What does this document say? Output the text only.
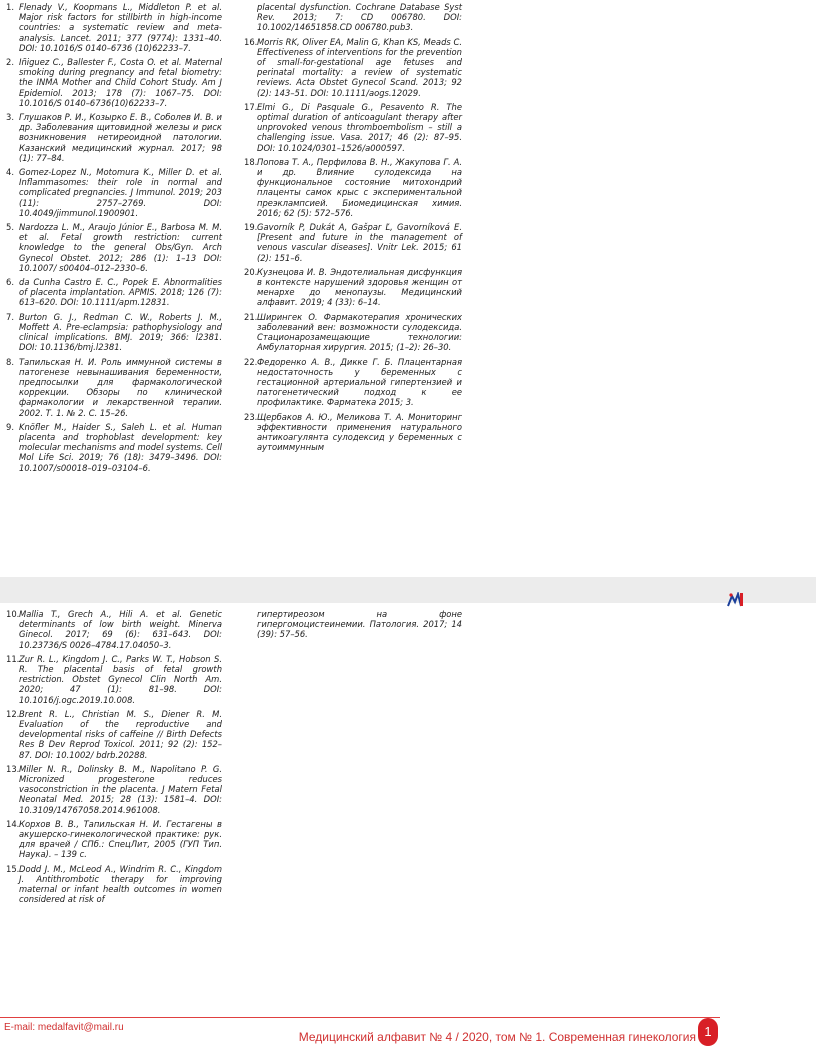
1. Flenady V., Koopmans L., Middleton P. et al. Major risk factors for stillbirth in high-income countries: a systematic review and meta-analysis. Lancet. 2011; 377 (9774): 1331–40. DOI: 10.1016/S 0140–6736 (10)62233–7.
2. Iñiguez C., Ballester F., Costa O. et al. Maternal smoking during pregnancy and fetal biometry: the INMA Mother and Child Cohort Study. Am J Epidemiol. 2013; 178 (7): 1067–75. DOI: 10.1016/S 0140–6736(10)62233–7.
3. Глушаков Р. И., Козырко Е. В., Соболев И. В. и др. Заболевания щитовидной железы и риск возникновения нетиреоидной патологии. Казанский медицинский журнал. 2017; 98 (1): 77–84.
4. Gomez-Lopez N., Motomura K., Miller D. et al. Inflammasomes: their role in normal and complicated pregnancies. J Immunol. 2019; 203 (11): 2757–2769. DOI: 10.4049/jimmunol.1900901.
5. Nardozza L. M., Araujo Júnior E., Barbosa M. M. et al. Fetal growth restriction: current knowledge to the general Obs/Gyn. Arch Gynecol Obstet. 2012; 286 (1): 1–13 DOI: 10.1007/ s00404–012–2330–6.
6. da Cunha Castro E. C., Popek E. Abnormalities of placenta implantation. APMIS. 2018; 126 (7): 613–620. DOI: 10.1111/apm.12831.
7. Burton G. J., Redman C. W., Roberts J. M., Moffett A. Pre-eclampsia: pathophysiology and clinical implications. BMJ. 2019; 366: l2381. DOI: 10.1136/bmj.l2381.
8. Тапильская Н. И. Роль иммунной системы в патогенезе невынашивания беременности, предпосылки для фармакологической коррекции. Обзоры по клинической фармакологии и лекарственной терапии. 2002. Т. 1. № 2. С. 15–26.
9. Knöfler M., Haider S., Saleh L. et al. Human placenta and trophoblast development: key molecular mechanisms and model systems. Cell Mol Life Sci. 2019; 76 (18): 3479–3496. DOI: 10.1007/s00018–019–03104–6.
placental dysfunction. Cochrane Database Syst Rev. 2013; 7: CD 006780. DOI: 10.1002/14651858.CD 006780.pub3.
16. Morris RK, Oliver EA, Malin G, Khan KS, Meads C. Effectiveness of interventions for the prevention of small-for-gestational age fetuses and perinatal mortality: a review of systematic reviews. Acta Obstet Gynecol Scand. 2013; 92 (2): 143–51. DOI: 10.1111/aogs.12029.
17. Elmi G., Di Pasquale G., Pesavento R. The optimal duration of anticoagulant therapy after unprovoked venous thromboembolism – still a challenging issue. Vasa. 2017; 46 (2): 87–95. DOI: 10.1024/0301–1526/a000597.
18. Попова Т. А., Перфилова В. Н., Жакупова Г. А. и др. Влияние сулодексида на функциональное состояние митохондрий плаценты самок крыс с экспериментальной преэклампсией. Биомедицинская химия. 2016; 62 (5): 572–576.
19. Gavorník P, Dukát A, Gašpar Ľ, Gavorníková E. [Present and future in the management of venous vascular diseases]. Vnitr Lek. 2015; 61 (2): 151–6.
20. Кузнецова И. В. Эндотелиальная дисфункция в контексте нарушений здоровья женщин от менархе до менопаузы. Медицинский алфавит. 2019; 4 (33): 6–14.
21. Ширингек О. Фармакотерапия хронических заболеваний вен: возможности сулодексида. Стационарозамещающие технологии: Амбулаторная хирургия. 2015; (1–2): 26–30.
22. Федоренко А. В., Дикке Г. Б. Плацентарная недостаточность у беременных с гестационной артериальной гипертензией и патогенетический подход к ее профилактике. Фарматека 2015; 3.
23. Щербаков А. Ю., Меликова Т. А. Мониторинг эффективности применения натурального антикоагулянта сулодексид у беременных с аутоиммунным
10. Mallia T., Grech A., Hili A. et al. Genetic determinants of low birth weight. Minerva Ginecol. 2017; 69 (6): 631–643. DOI: 10.23736/S 0026–4784.17.04050–3.
11. Zur R. L., Kingdom J. C., Parks W. T., Hobson S. R. The placental basis of fetal growth restriction. Obstet Gynecol Clin North Am. 2020; 47 (1): 81–98. DOI: 10.1016/j.ogc.2019.10.008.
12. Brent R. L., Christian M. S., Diener R. M. Evaluation of the reproductive and developmental risks of caffeine // Birth Defects Res B Dev Reprod Toxicol. 2011; 92 (2): 152–87. DOI: 10.1002/ bdrb.20288.
13. Miller N. R., Dolinsky B. M., Napolitano P. G. Micronized progesterone reduces vasoconstriction in the placenta. J Matern Fetal Neonatal Med. 2015; 28 (13): 1581–4. DOI: 10.3109/14767058.2014.961008.
14. Корхов В. В., Тапильская Н. И. Гестагены в акушерско-гинекологической практике: рук. для врачей / СПб.: СпецЛит, 2005 (ГУП Тип. Наука). – 139 с.
15. Dodd J. M., McLeod A., Windrim R. C., Kingdom J. Antithrombotic therapy for improving maternal or infant health outcomes in women considered at risk of
гипертиреозом на фоне гипергомоцистеинемии. Патология. 2017; 14 (39): 57–56.
E-mail: medalfavit@mail.ru
Медицинский алфавит № 4 / 2020, том № 1. Современная гинекология 1
